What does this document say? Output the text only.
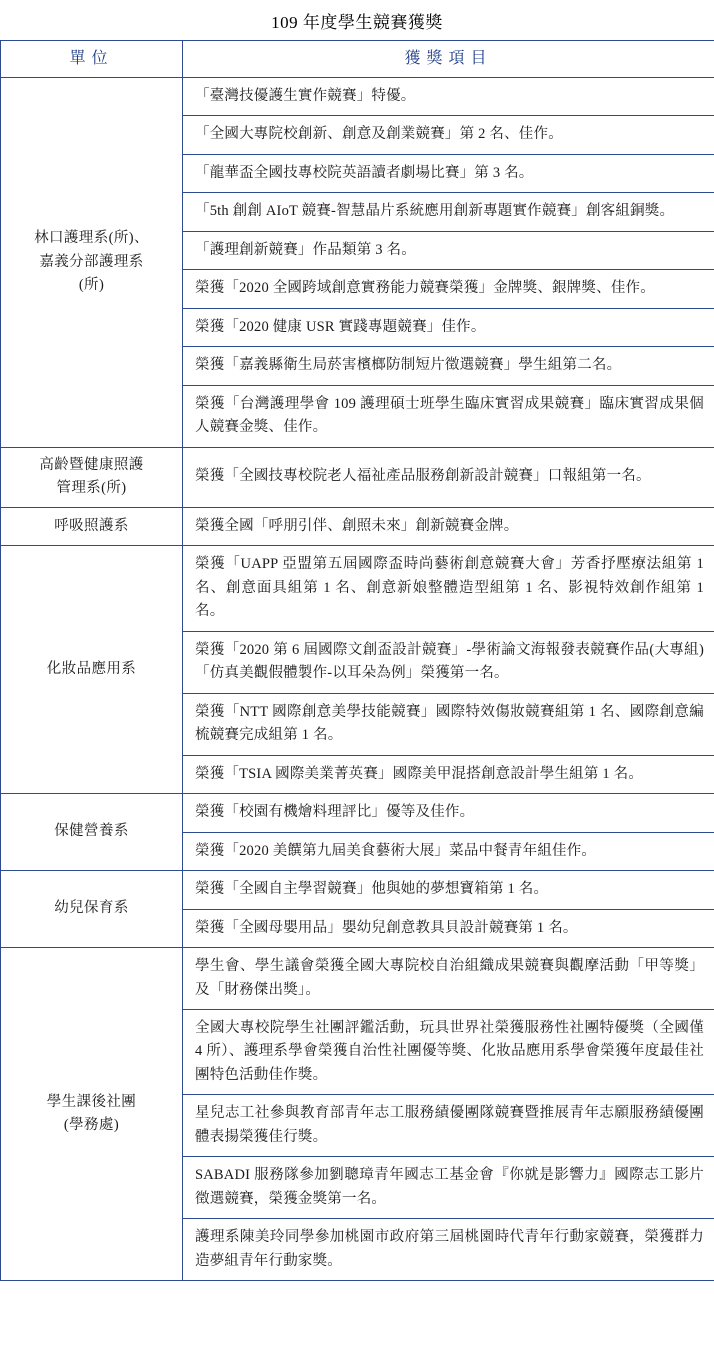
109 年度學生競賽獲獎
單位	獲獎項目

林口護理系(所)、
嘉義分部護理系
(所)	「臺灣技優護生實作競賽」特優。
	「全國大專院校創新、創意及創業競賽」第 2 名、佳作。
	「龍華盃全國技專校院英語讀者劇場比賽」第 3 名。
	「5th 創創 AIoT 競賽-智慧晶片系統應用創新專題實作競賽」創客組銅獎。
	「護理創新競賽」作品類第 3 名。
	榮獲「2020 全國跨域創意實務能力競賽榮獲」金牌獎、銀牌獎、佳作。
	榮獲「2020 健康 USR 實踐專題競賽」佳作。
	榮獲「嘉義縣衛生局菸害檳榔防制短片徵選競賽」學生組第二名。
	榮獲「台灣護理學會 109 護理碩士班學生臨床實習成果競賽」臨床實習成果個人競賽金獎、佳作。

高齡暨健康照護
管理系(所)	榮獲「全國技專校院老人福祉產品服務創新設計競賽」口報組第一名。

呼吸照護系	榮獲全國「呼朋引伴、創照未來」創新競賽金牌。

化妝品應用系	榮獲「UAPP 亞盟第五屆國際盃時尚藝術創意競賽大會」芳香抒壓療法組第 1 名、創意面具組第 1 名、創意新娘整體造型組第 1 名、影視特效創作組第 1 名。
	榮獲「2020 第 6 屆國際文創盃設計競賽」-學術論文海報發表競賽作品(大專組) 「仿真美觀假體製作-以耳朵為例」榮獲第一名。
	榮獲「NTT 國際創意美學技能競賽」國際特效傷妝競賽組第 1 名、國際創意編梳競賽完成組第 1 名。
	榮獲「TSIA 國際美業菁英賽」國際美甲混搭創意設計學生組第 1 名。

保健營養系	榮獲「校園有機燴料理評比」優等及佳作。
	榮獲「2020 美饌第九屆美食藝術大展」菜品中餐青年組佳作。

幼兒保育系	榮獲「全國自主學習競賽」他與她的夢想寶箱第 1 名。
	榮獲「全國母嬰用品」嬰幼兒創意教具貝設計競賽第 1 名。

學生課後社團
(學務處)	學生會、學生議會榮獲全國大專院校自治組織成果競賽與觀摩活動「甲等獎」及「財務傑出獎」。
	全國大專校院學生社團評鑑活動，玩具世界社榮獲服務性社團特優獎（全國僅 4 所）、護理系學會榮獲自治性社團優等獎、化妝品應用系學會榮獲年度最佳社團特色活動佳作獎。
	星兒志工社參與教育部青年志工服務績優團隊競賽暨推展青年志願服務績優團體表揚榮獲佳行獎。
	SABADI 服務隊參加劉聰璋青年國志工基金會『你就是影響力』國際志工影片徵選競賽，榮獲金獎第一名。
	護理系陳美玲同學參加桃園市政府第三屆桃園時代青年行動家競賽，榮獲群力造夢組青年行動家獎。
